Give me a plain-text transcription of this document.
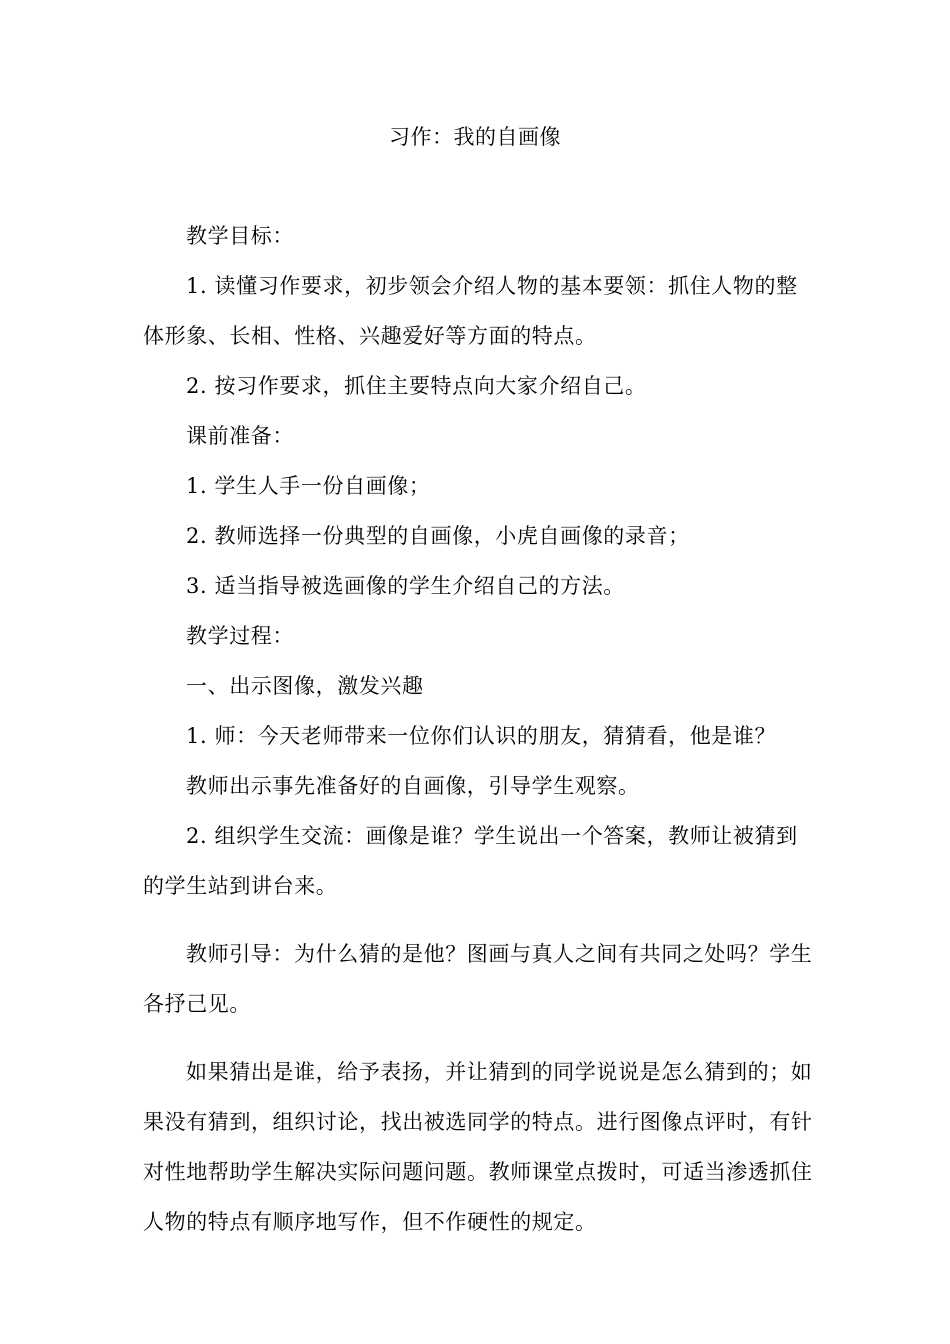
习作：我的自画像

教学目标：

1. 读懂习作要求，初步领会介绍人物的基本要领：抓住人物的整体形象、长相、性格、兴趣爱好等方面的特点。

2. 按习作要求，抓住主要特点向大家介绍自己。

课前准备：

1. 学生人手一份自画像；

2. 教师选择一份典型的自画像，小虎自画像的录音；

3. 适当指导被选画像的学生介绍自己的方法。

教学过程：

一、出示图像，激发兴趣

1. 师：今天老师带来一位你们认识的朋友，猜猜看，他是谁？

教师出示事先准备好的自画像，引导学生观察。

2. 组织学生交流：画像是谁？学生说出一个答案，教师让被猜到的学生站到讲台来。

教师引导：为什么猜的是他？图画与真人之间有共同之处吗？学生各抒己见。

如果猜出是谁，给予表扬，并让猜到的同学说说是怎么猜到的；如果没有猜到，组织讨论，找出被选同学的特点。进行图像点评时，有针对性地帮助学生解决实际问题问题。教师课堂点拨时，可适当渗透抓住人物的特点有顺序地写作，但不作硬性的规定。
